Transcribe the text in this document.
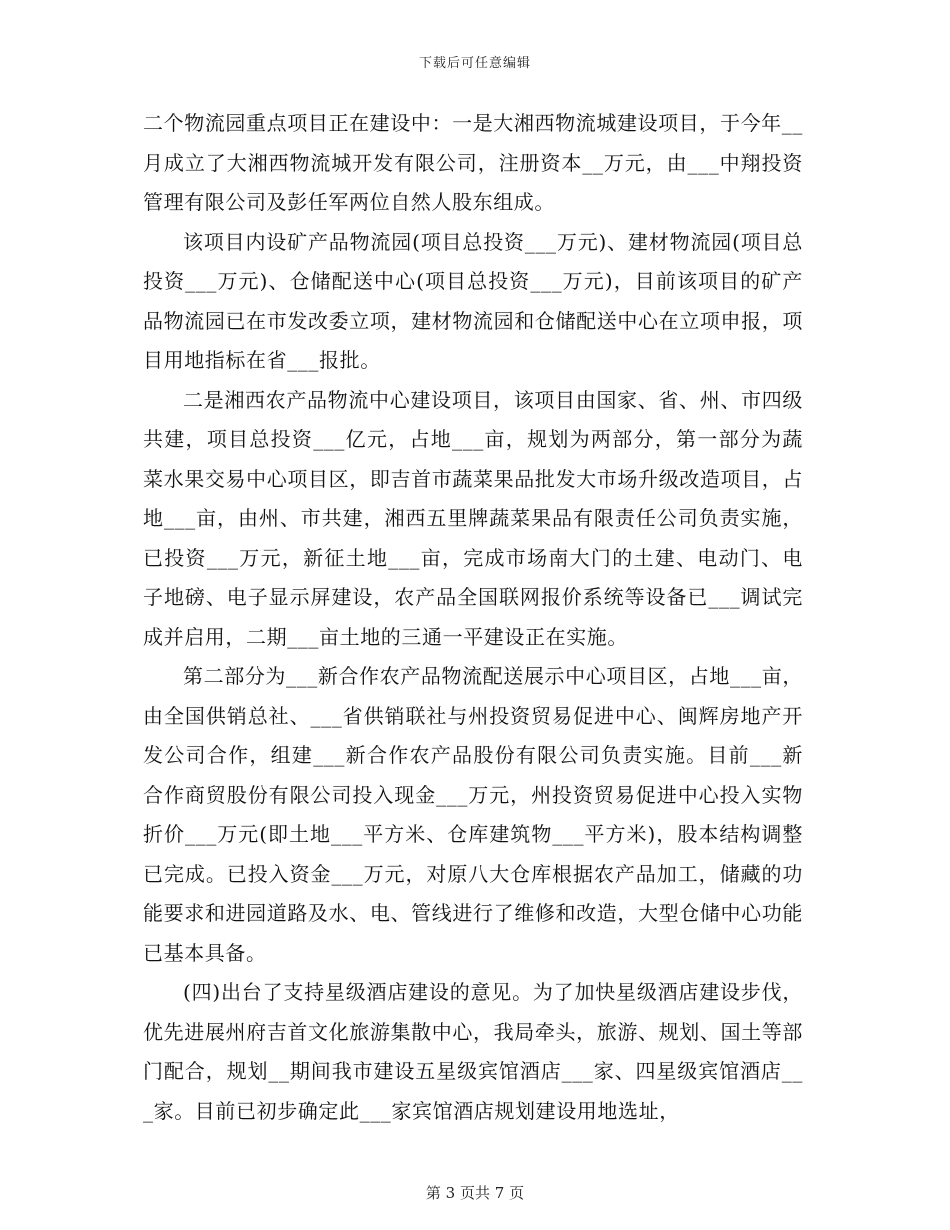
下载后可任意编辑

二个物流园重点项目正在建设中：一是大湘西物流城建设项目，于今年__月成立了大湘西物流城开发有限公司，注册资本__万元，由___中翔投资管理有限公司及彭任军两位自然人股东组成。

该项目内设矿产品物流园(项目总投资___万元)、建材物流园(项目总投资___万元)、仓储配送中心(项目总投资___万元)，目前该项目的矿产品物流园已在市发改委立项，建材物流园和仓储配送中心在立项申报，项目用地指标在省___报批。

二是湘西农产品物流中心建设项目，该项目由国家、省、州、市四级共建，项目总投资___亿元，占地___亩，规划为两部分，第一部分为蔬菜水果交易中心项目区，即吉首市蔬菜果品批发大市场升级改造项目，占地___亩，由州、市共建，湘西五里牌蔬菜果品有限责任公司负责实施，已投资___万元，新征土地___亩，完成市场南大门的土建、电动门、电子地磅、电子显示屏建设，农产品全国联网报价系统等设备已___调试完成并启用，二期___亩土地的三通一平建设正在实施。

第二部分为___新合作农产品物流配送展示中心项目区，占地___亩，由全国供销总社、___省供销联社与州投资贸易促进中心、闽辉房地产开发公司合作，组建___新合作农产品股份有限公司负责实施。目前___新合作商贸股份有限公司投入现金___万元，州投资贸易促进中心投入实物折价___万元(即土地___平方米、仓库建筑物___平方米)，股本结构调整已完成。已投入资金___万元，对原八大仓库根据农产品加工，储藏的功能要求和进园道路及水、电、管线进行了维修和改造，大型仓储中心功能已基本具备。

(四)出台了支持星级酒店建设的意见。为了加快星级酒店建设步伐，优先进展州府吉首文化旅游集散中心，我局牵头，旅游、规划、国土等部门配合，规划__期间我市建设五星级宾馆酒店___家、四星级宾馆酒店___家。目前已初步确定此___家宾馆酒店规划建设用地选址，

第 3 页共 7 页
